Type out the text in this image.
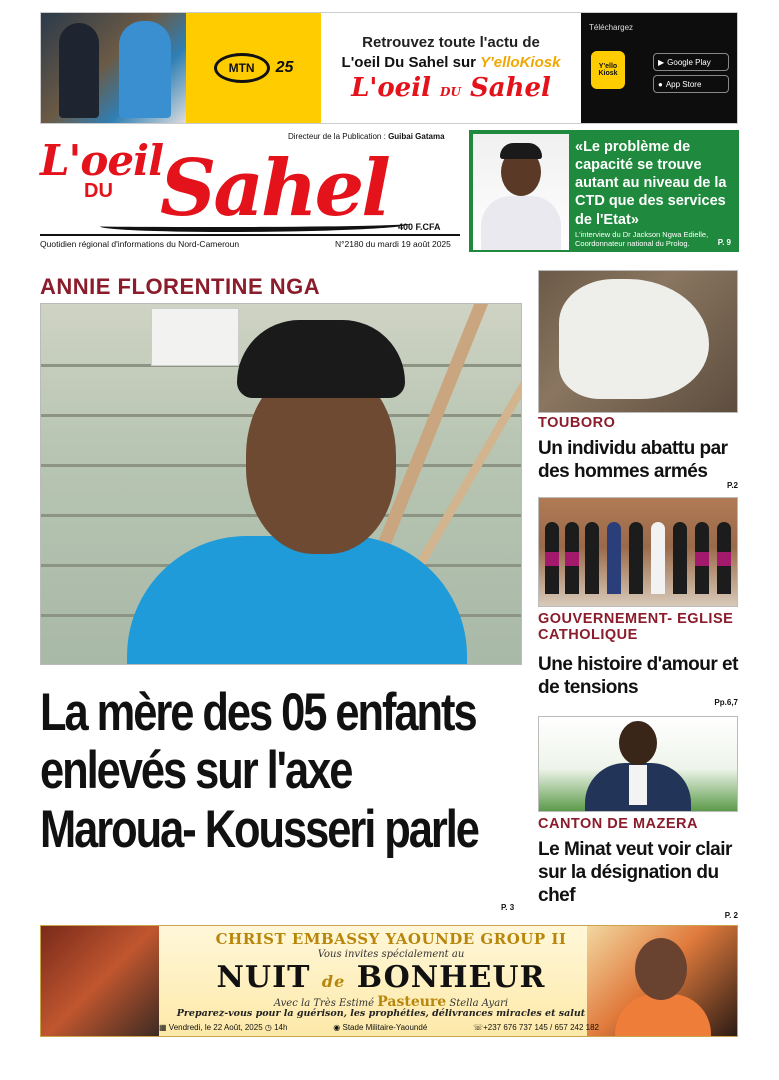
MTN	25
Retrouvez toute l'actu de
L'oeil Du Sahel sur Y'elloKiosk
L'oeil DU Sahel
Téléchargez
Y'ello Kiosk
▶ Google Play
● App Store
L'oeil
DU Sahel
Directeur de la Publication : Guibai Gatama
400 F.CFA
Quotidien régional d'informations du Nord-Cameroun	N°2180 du mardi 19 août 2025
«Le problème de capacité se trouve autant au niveau de la CTD que des services de l'Etat»
L'interview du Dr Jackson Ngwa Edielle, Coordonnateur national du Prolog.	P. 9
ANNIE FLORENTINE NGA
La mère des 05 enfants
enlevés sur l'axe
Maroua- Kousseri parle
P. 3
TOUBORO
Un individu abattu par des hommes armés
P.2
GOUVERNEMENT- EGLISE CATHOLIQUE
Une histoire d'amour et de tensions
Pp.6,7
CANTON DE MAZERA
Le Minat veut voir clair sur la désignation du chef
P. 2
CHRIST EMBASSY YAOUNDE GROUP II
Vous invites spécialement au
NUIT de BONHEUR
Avec la Très Estimé Pasteure Stella Ayari
Preparez-vous pour la guérison, les prophéties, délivrances miracles et salut
▦ Vendredi, le 22 Août, 2025 ◷ 14h	◉ Stade Militaire-Yaoundé	☏+237 676 737 145 / 657 242 182
